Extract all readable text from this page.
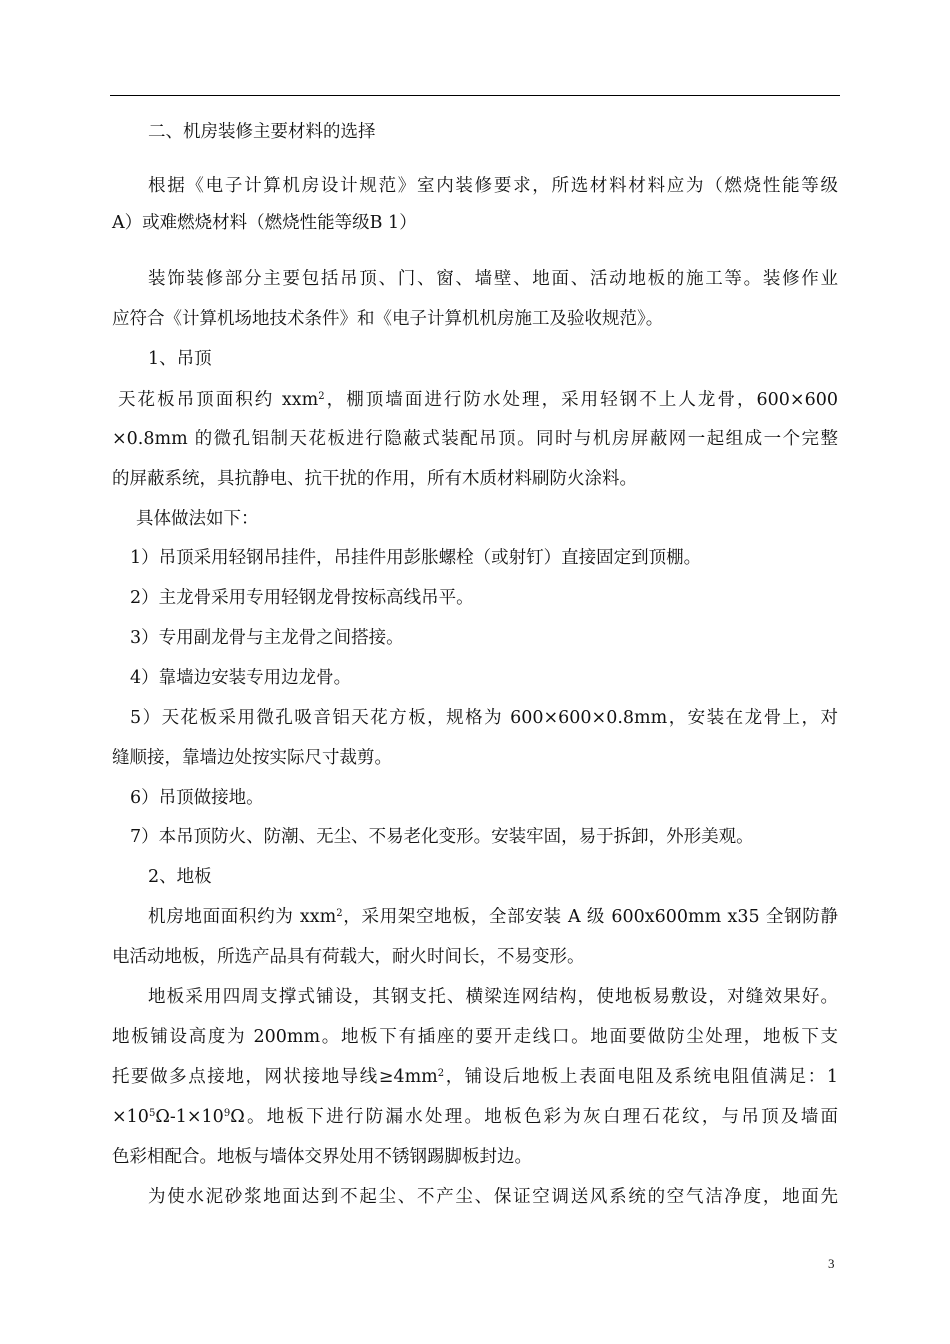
二、机房装修主要材料的选择
根据《电子计算机房设计规范》室内装修要求，所选材料材料应为（燃烧性能等级
A）或难燃烧材料（燃烧性能等级B 1）
装饰装修部分主要包括吊顶、门、窗、墙壁、地面、活动地板的施工等。装修作业
应符合《计算机场地技术条件》和《电子计算机机房施工及验收规范》。
1、吊顶
天花板吊顶面积约 xxm$^2$，棚顶墙面进行防水处理，采用轻钢不上人龙骨，600×600
×0.8mm 的微孔铝制天花板进行隐蔽式装配吊顶。同时与机房屏蔽网一起组成一个完整
的屏蔽系统，具抗静电、抗干扰的作用，所有木质材料刷防火涂料。
具体做法如下：
1）吊顶采用轻钢吊挂件，吊挂件用彭胀螺栓（或射钉）直接固定到顶棚。
2）主龙骨采用专用轻钢龙骨按标高线吊平。
3）专用副龙骨与主龙骨之间搭接。
4）靠墙边安装专用边龙骨。
5）天花板采用微孔吸音铝天花方板，规格为 600×600×0.8mm，安装在龙骨上，对
缝顺接，靠墙边处按实际尺寸裁剪。
6）吊顶做接地。
7）本吊顶防火、防潮、无尘、不易老化变形。安装牢固，易于拆卸，外形美观。
2、地板
机房地面面积约为 xxm$^2$，采用架空地板，全部安装 A 级 600x600mm x35 全钢防静
电活动地板，所选产品具有荷载大，耐火时间长，不易变形。
地板采用四周支撑式铺设，其钢支托、横梁连网结构，使地板易敷设，对缝效果好。
地板铺设高度为 200mm。地板下有插座的要开走线口。地面要做防尘处理，地板下支
托要做多点接地，网状接地导线$\ge 4mm^2$，铺设后地板上表面电阻及系统电阻值满足：1
$\times 10^5\Omega-1\times 10^9\Omega$。地板下进行防漏水处理。地板色彩为灰白理石花纹，与吊顶及墙面
色彩相配合。地板与墙体交界处用不锈钢踢脚板封边。
为使水泥砂浆地面达到不起尘、不产尘、保证空调送风系统的空气洁净度，地面先
3
